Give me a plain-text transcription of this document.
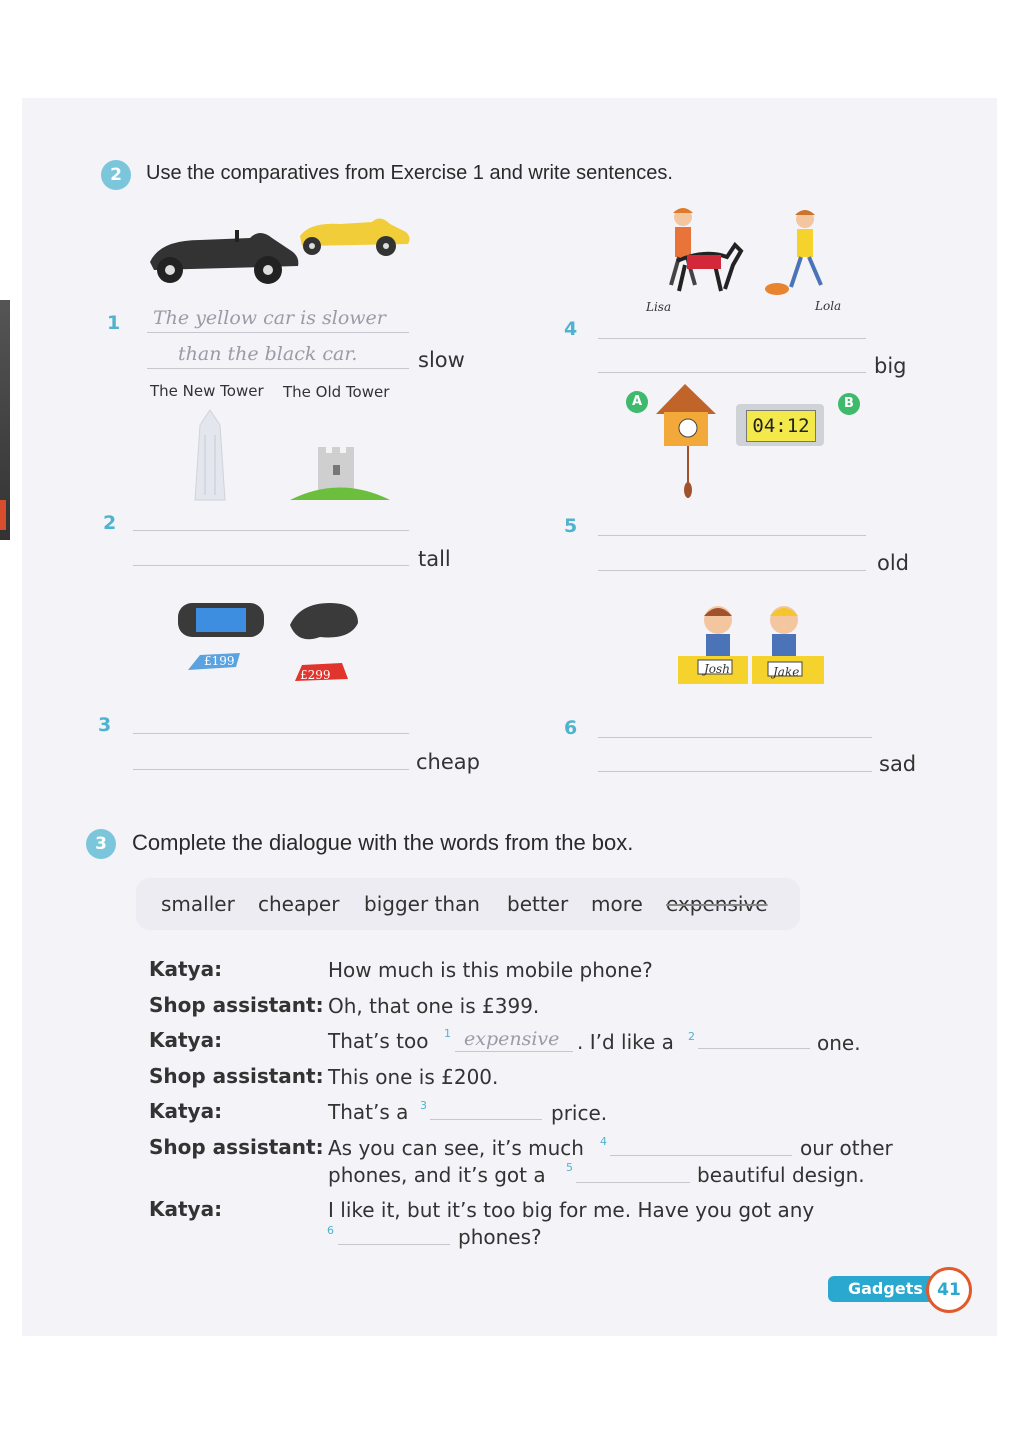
2	Use the comparatives from Exercise 1 and write sentences.
1 The yellow car is slower
than the black car.	slow
The New Tower The Old Tower
2
tall
£199
£299
3
cheap
Lisa	Lola
4
big
A
04:12
B
5
old
Josh	Jake
6
sad
3	Complete the dialogue with the words from the box.
smaller cheaper bigger than better more expensive
Katya:	How much is this mobile phone?
Shop assistant: Oh, that one is £399.
Katya:	That’s too 1 expensive . I’d like a 2	one.
Shop assistant: This one is £200.
Katya:	That’s a 3	price.
Shop assistant: As you can see, it’s much 4	our other
phones, and it’s got a 5	beautiful design.
Katya:	I like it, but it’s too big for me. Have you got any
6	phones?
Gadgets 41
